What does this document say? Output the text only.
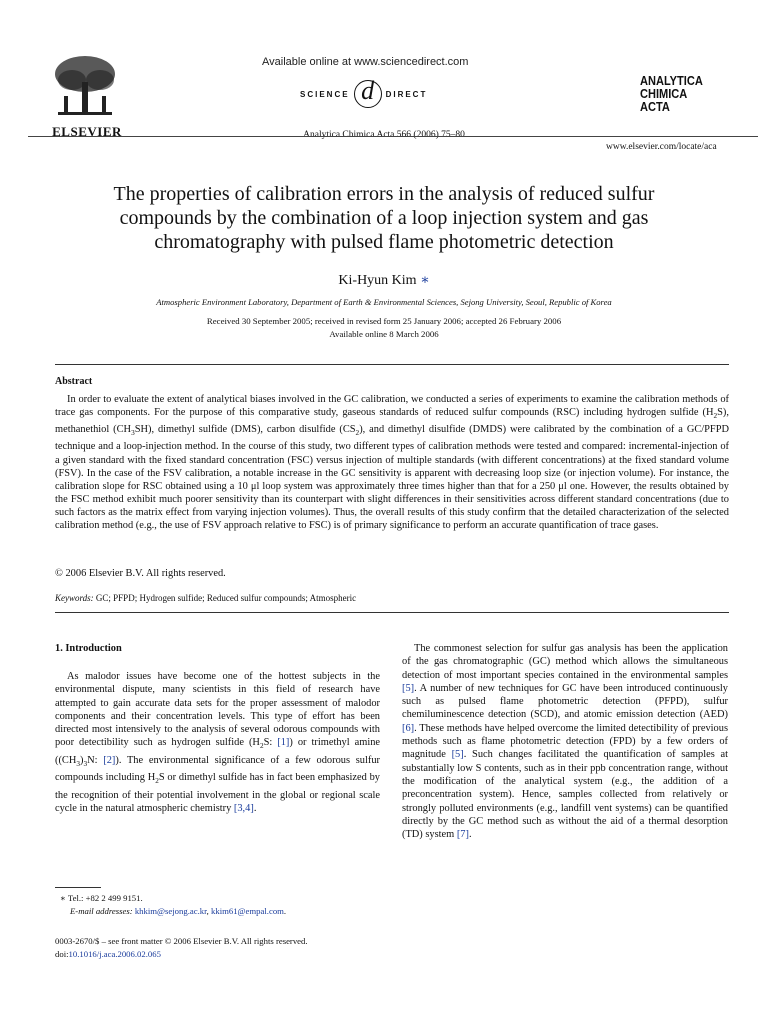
ELSEVIER
Available online at www.sciencedirect.com
SCIENCE d	DIRECT
Analytica Chimica Acta 566 (2006) 75–80
ANALYTICA
CHIMICA
ACTA
www.elsevier.com/locate/aca
The properties of calibration errors in the analysis of reduced sulfur
compounds by the combination of a loop injection system and gas
chromatography with pulsed flame photometric detection
Ki-Hyun Kim ∗
Atmospheric Environment Laboratory, Department of Earth & Environmental Sciences, Sejong University, Seoul, Republic of Korea
Received 30 September 2005; received in revised form 25 January 2006; accepted 26 February 2006
Available online 8 March 2006
Abstract
In order to evaluate the extent of analytical biases involved in the GC calibration, we conducted a series of experiments to examine the calibration methods of trace gas components. For the purpose of this comparative study, gaseous standards of reduced sulfur compounds (RSC) including hydrogen sulfide $(H_2S)$, methanethiol $(CH_3SH)$, dimethyl sulfide (DMS), carbon disulfide $(CS_2)$, and dimethyl disulfide (DMDS) were calibrated by the combination of a GC/PFPD technique and a loop-injection method. In the course of this study, two different types of calibration methods were tested and compared: incremental-injection of a given standard with the fixed standard concentration (FSC) versus injection of multiple standards (with different concentrations) at the fixed standard volume (FSV). In the case of the FSV calibration, a notable increase in the GC sensitivity is apparent with decreasing loop size (or injection volume). For instance, the calibration slope for RSC obtained using a 10 μl loop system was approximately three times higher than that for a 250 μl one. However, the results obtained by the FSC method exhibit much poorer sensitivity than its counterpart with slight differences in their sensitivities across different standard concentrations (due to such factors as the matrix effect from varying injection volumes). Thus, the overall results of this study confirm that the detailed characterization of the selected calibration method (e.g., the use of FSV approach relative to FSC) is of primary significance to perform an accurate quantification of trace gases.
© 2006 Elsevier B.V. All rights reserved.
Keywords: GC; PFPD; Hydrogen sulfide; Reduced sulfur compounds; Atmospheric
1. Introduction
As malodor issues have become one of the hottest subjects in the environmental dispute, many scientists in this field of research have attempted to gain accurate data sets for the proper assessment of malodor components and their concentration levels. This type of effort has been directed most intensively to the analysis of several odorous compounds with poor detectibility such as hydrogen sulfide ($H_2S$: [1]) or trimethyl amine ($(CH_3)_3N$: [2]). The environmental significance of a few odorous sulfur compounds including $H_2S$ or dimethyl sulfide has in fact been emphasized by the recognition of their potential involvement in the global or regional scale cycle in the natural atmospheric chemistry [3,4].
The commonest selection for sulfur gas analysis has been the application of the gas chromatographic (GC) method which allows the simultaneous detection of most important species contained in the environmental samples [5]. A number of new techniques for GC have been introduced continuously such as pulsed flame photometric detection (PFPD), sulfur chemiluminescence detection (SCD), and atomic emission detection (AED) [6]. These methods have helped overcome the limited detectibility of previous methods such as flame photometric detection (FPD) by a few orders of magnitude [5]. Such changes facilitated the quantification of samples at substantially low S contents, such as in their ppb concentration range, without the modification of the analytical system (e.g., the addition of a preconcentration system). Hence, samples collected from relatively or strongly polluted environments (e.g., landfill vent systems) can be quantified directly by the GC method such as without the aid of a thermal desorption (TD) system [7].
∗ Tel.: +82 2 499 9151.
E-mail addresses: khkim@sejong.ac.kr, kkim61@empal.com.
0003-2670/$ – see front matter © 2006 Elsevier B.V. All rights reserved.
doi:10.1016/j.aca.2006.02.065
